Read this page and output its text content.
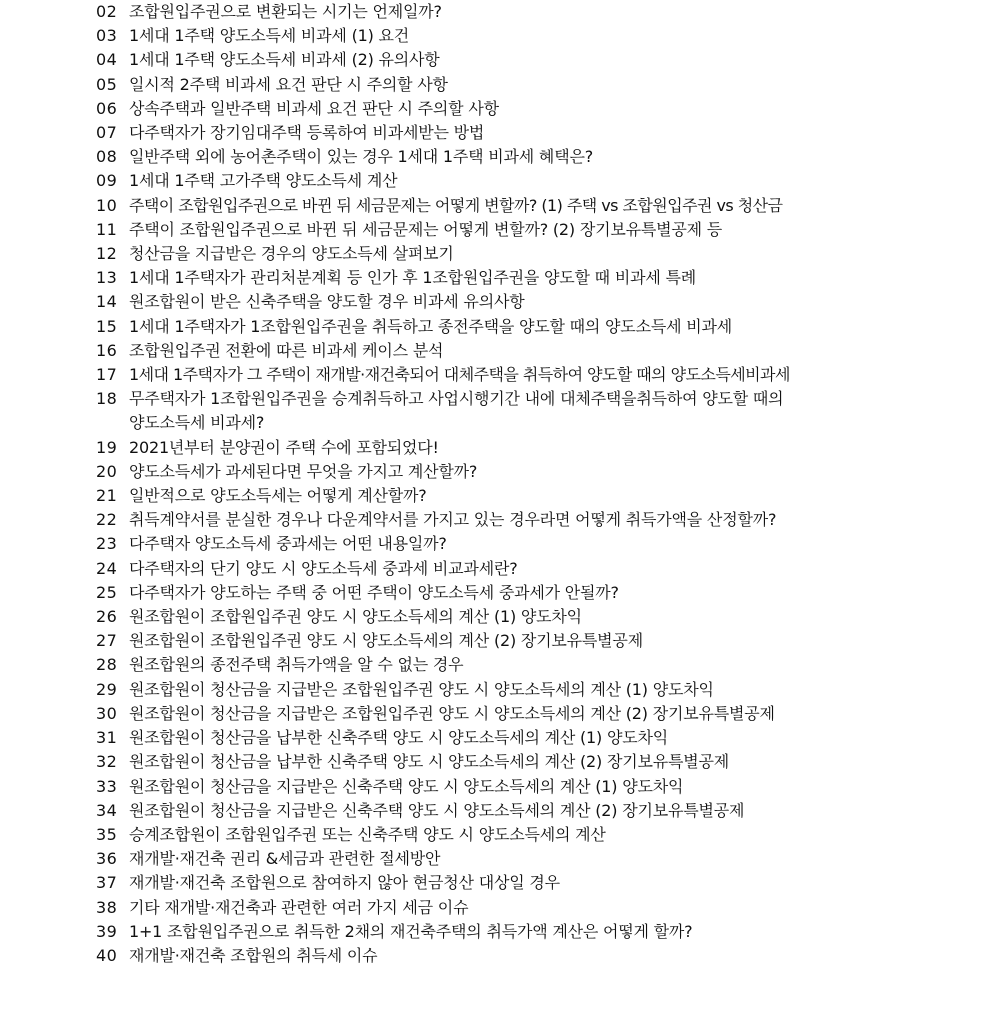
02 조합원입주권으로 변환되는 시기는 언제일까?
03 1세대 1주택 양도소득세 비과세 (1) 요건
04 1세대 1주택 양도소득세 비과세 (2) 유의사항
05 일시적 2주택 비과세 요건 판단 시 주의할 사항
06 상속주택과 일반주택 비과세 요건 판단 시 주의할 사항
07 다주택자가 장기임대주택 등록하여 비과세받는 방법
08 일반주택 외에 농어촌주택이 있는 경우 1세대 1주택 비과세 혜택은?
09 1세대 1주택 고가주택 양도소득세 계산
10 주택이 조합원입주권으로 바뀐 뒤 세금문제는 어떻게 변할까? (1) 주택 vs 조합원입주권 vs 청산금
11 주택이 조합원입주권으로 바뀐 뒤 세금문제는 어떻게 변할까? (2) 장기보유특별공제 등
12 청산금을 지급받은 경우의 양도소득세 살펴보기
13 1세대 1주택자가 관리처분계획 등 인가 후 1조합원입주권을 양도할 때 비과세 특례
14 원조합원이 받은 신축주택을 양도할 경우 비과세 유의사항
15 1세대 1주택자가 1조합원입주권을 취득하고 종전주택을 양도할 때의 양도소득세 비과세
16 조합원입주권 전환에 따른 비과세 케이스 분석
17 1세대 1주택자가 그 주택이 재개발·재건축되어 대체주택을 취득하여 양도할 때의 양도소득세비과세
18 무주택자가 1조합원입주권을 승계취득하고 사업시행기간 내에 대체주택을취득하여 양도할 때의
양도소득세 비과세?
19 2021년부터 분양권이 주택 수에 포함되었다!
20 양도소득세가 과세된다면 무엇을 가지고 계산할까?
21 일반적으로 양도소득세는 어떻게 계산할까?
22 취득계약서를 분실한 경우나 다운계약서를 가지고 있는 경우라면 어떻게 취득가액을 산정할까?
23 다주택자 양도소득세 중과세는 어떤 내용일까?
24 다주택자의 단기 양도 시 양도소득세 중과세 비교과세란?
25 다주택자가 양도하는 주택 중 어떤 주택이 양도소득세 중과세가 안될까?
26 원조합원이 조합원입주권 양도 시 양도소득세의 계산 (1) 양도차익
27 원조합원이 조합원입주권 양도 시 양도소득세의 계산 (2) 장기보유특별공제
28 원조합원의 종전주택 취득가액을 알 수 없는 경우
29 원조합원이 청산금을 지급받은 조합원입주권 양도 시 양도소득세의 계산 (1) 양도차익
30 원조합원이 청산금을 지급받은 조합원입주권 양도 시 양도소득세의 계산 (2) 장기보유특별공제
31 원조합원이 청산금을 납부한 신축주택 양도 시 양도소득세의 계산 (1) 양도차익
32 원조합원이 청산금을 납부한 신축주택 양도 시 양도소득세의 계산 (2) 장기보유특별공제
33 원조합원이 청산금을 지급받은 신축주택 양도 시 양도소득세의 계산 (1) 양도차익
34 원조합원이 청산금을 지급받은 신축주택 양도 시 양도소득세의 계산 (2) 장기보유특별공제
35 승계조합원이 조합원입주권 또는 신축주택 양도 시 양도소득세의 계산
36 재개발·재건축 권리 &세금과 관련한 절세방안
37 재개발·재건축 조합원으로 참여하지 않아 현금청산 대상일 경우
38 기타 재개발·재건축과 관련한 여러 가지 세금 이슈
39 1+1 조합원입주권으로 취득한 2채의 재건축주택의 취득가액 계산은 어떻게 할까?
40 재개발·재건축 조합원의 취득세 이슈
